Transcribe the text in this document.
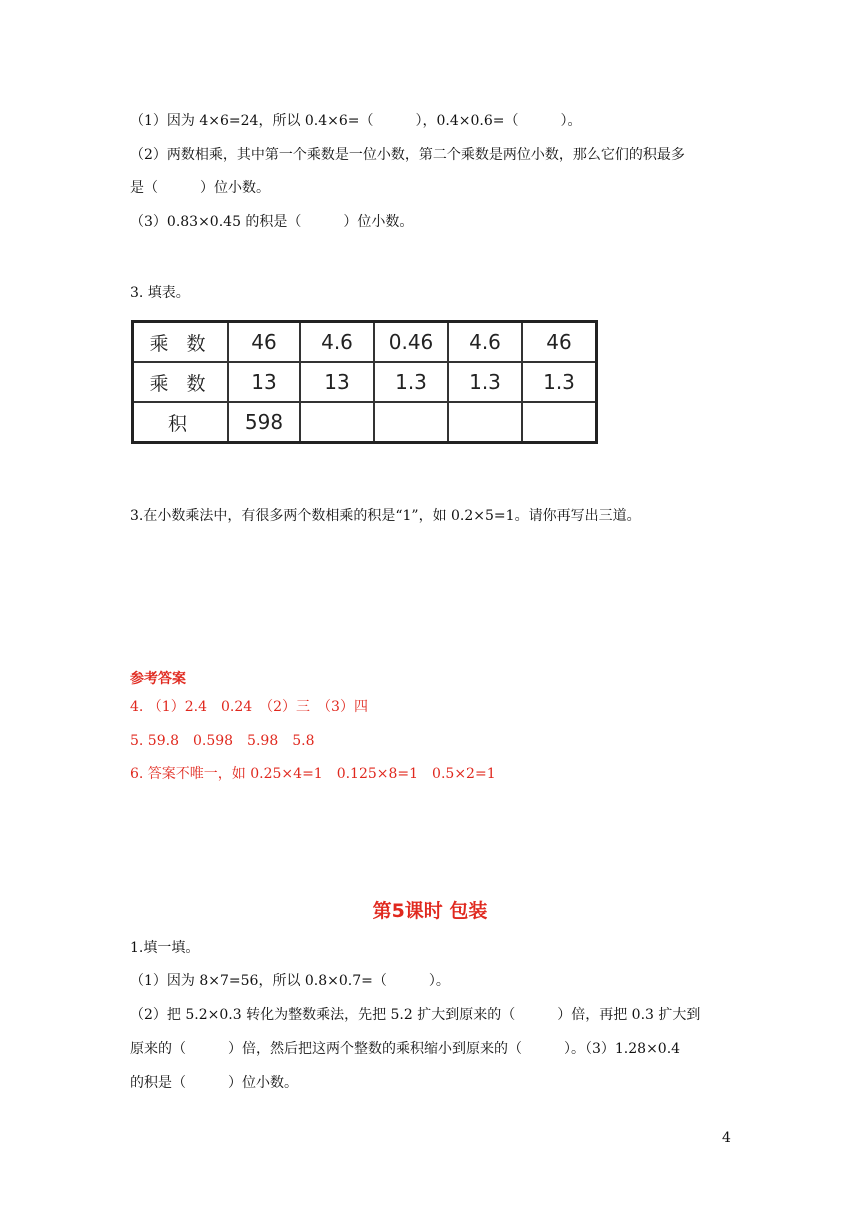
（1）因为 4×6=24，所以 0.4×6=（　　　），0.4×0.6=（　　　）。
（2）两数相乘，其中第一个乘数是一位小数，第二个乘数是两位小数，那么它们的积最多
是（　　　）位小数。
（3）0.83×0.45 的积是（　　　）位小数。
3. 填表。
乘 数	46	4.6	0.46	4.6	46
乘 数	13	13	1.3	1.3	1.3
积	598				
3.在小数乘法中，有很多两个数相乘的积是“1”，如 0.2×5=1。请你再写出三道。
参考答案
4. （1）2.4　0.24　（2）三　（3）四
5. 59.8　0.598　5.98　5.8
6. 答案不唯一，如 0.25×4=1　0.125×8=1　0.5×2=1
第5课时 包装
1.填一填。
（1）因为 8×7=56，所以 0.8×0.7=（　　　）。
（2）把 5.2×0.3 转化为整数乘法，先把 5.2 扩大到原来的（　　　）倍，再把 0.3 扩大到
原来的（　　　）倍，然后把这两个整数的乘积缩小到原来的（　　　）。（3）1.28×0.4
的积是（　　　）位小数。
4
